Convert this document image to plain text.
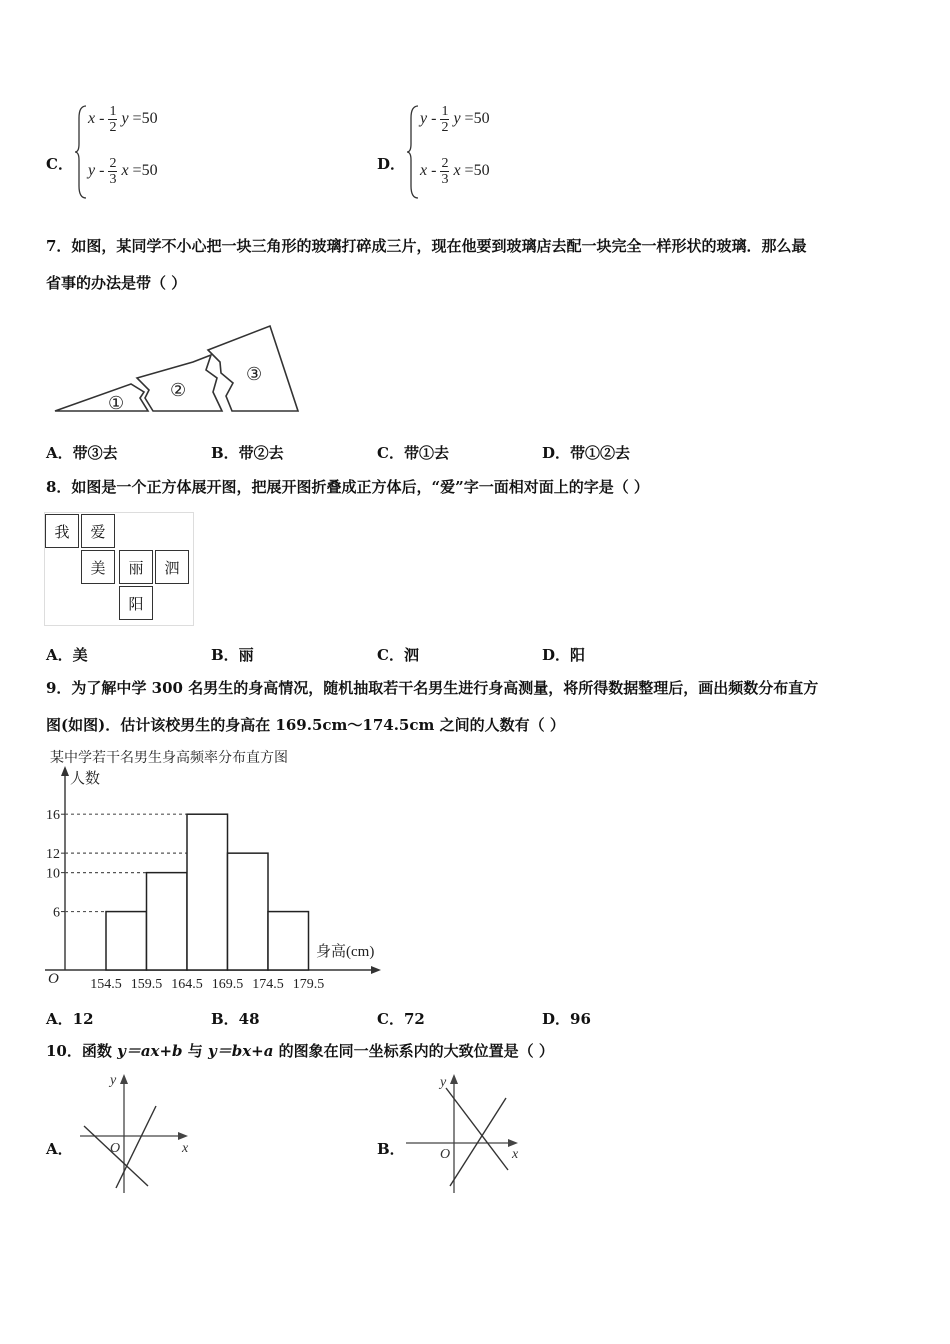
C．
x - $\frac{1}{2}$ y =50
y - $\frac{2}{3}$ x =50	D．
y - $\frac{1}{2}$ y =50
x - $\frac{2}{3}$ x =50
7．如图，某同学不小心把一块三角形的玻璃打碎成三片，现在他要到玻璃店去配一块完全一样形状的玻璃．那么最
省事的办法是带（ ）
①
②
③
A．带③去	B．带②去	C．带①去	D．带①②去
8．如图是一个正方体展开图，把展开图折叠成正方体后，“爱”字一面相对面上的字是（ ）
我	爱
美	丽	泗
阳
A．美	B．丽	C．泗	D．阳
9．为了解中学 300 名男生的身高情况，随机抽取若干名男生进行身高测量，将所得数据整理后，画出频数分布直方
图(如图)．估计该校男生的身高在 169.5cm～174.5cm 之间的人数有（ ）
某中学若干名男生身高频率分布直方图
人数
身高(cm)
O
6
10
12
16
154.5 159.5 164.5 169.5 174.5 179.5
A．12	B．48	C．72	D．96
10．函数 y＝ax+b 与 y＝bx+a 的图象在同一坐标系内的大致位置是（ ）
A．
y
x
O	B．
y
x
O
